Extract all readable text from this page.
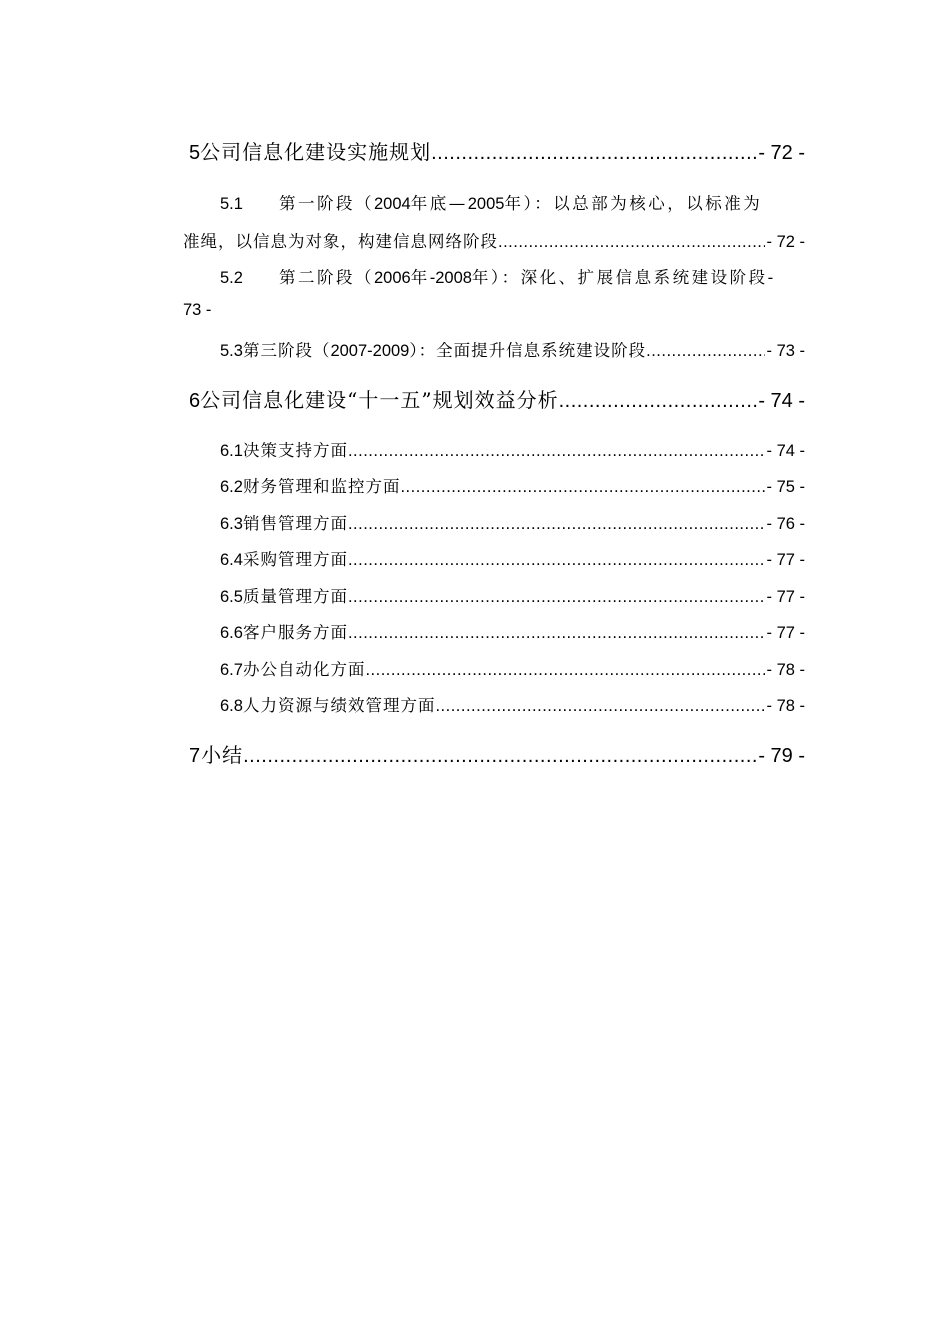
5 公司信息化建设实施规划 .....	- 72 -
5.1 第一阶段（2004年底—2005年）：以总部为核心，以标准为
准绳，以信息为对象，构建信息网络阶段 .....	- 72 -
5.2 第二阶段（2006年-2008年）：深化、扩展信息系统建设阶段-
73 -
5.3 第三阶段（2007-2009）：全面提升信息系统建设阶段 .....	- 73 -
6 公司信息化建设“十一五”规划效益分析 .....	- 74 -
6.1 决策支持方面 .....	- 74 -
6.2 财务管理和监控方面 .....	- 75 -
6.3 销售管理方面 .....	- 76 -
6.4 采购管理方面 .....	- 77 -
6.5 质量管理方面 .....	- 77 -
6.6 客户服务方面 .....	- 77 -
6.7 办公自动化方面 .....	- 78 -
6.8 人力资源与绩效管理方面 .....	- 78 -
7 小结 .....	- 79 -
